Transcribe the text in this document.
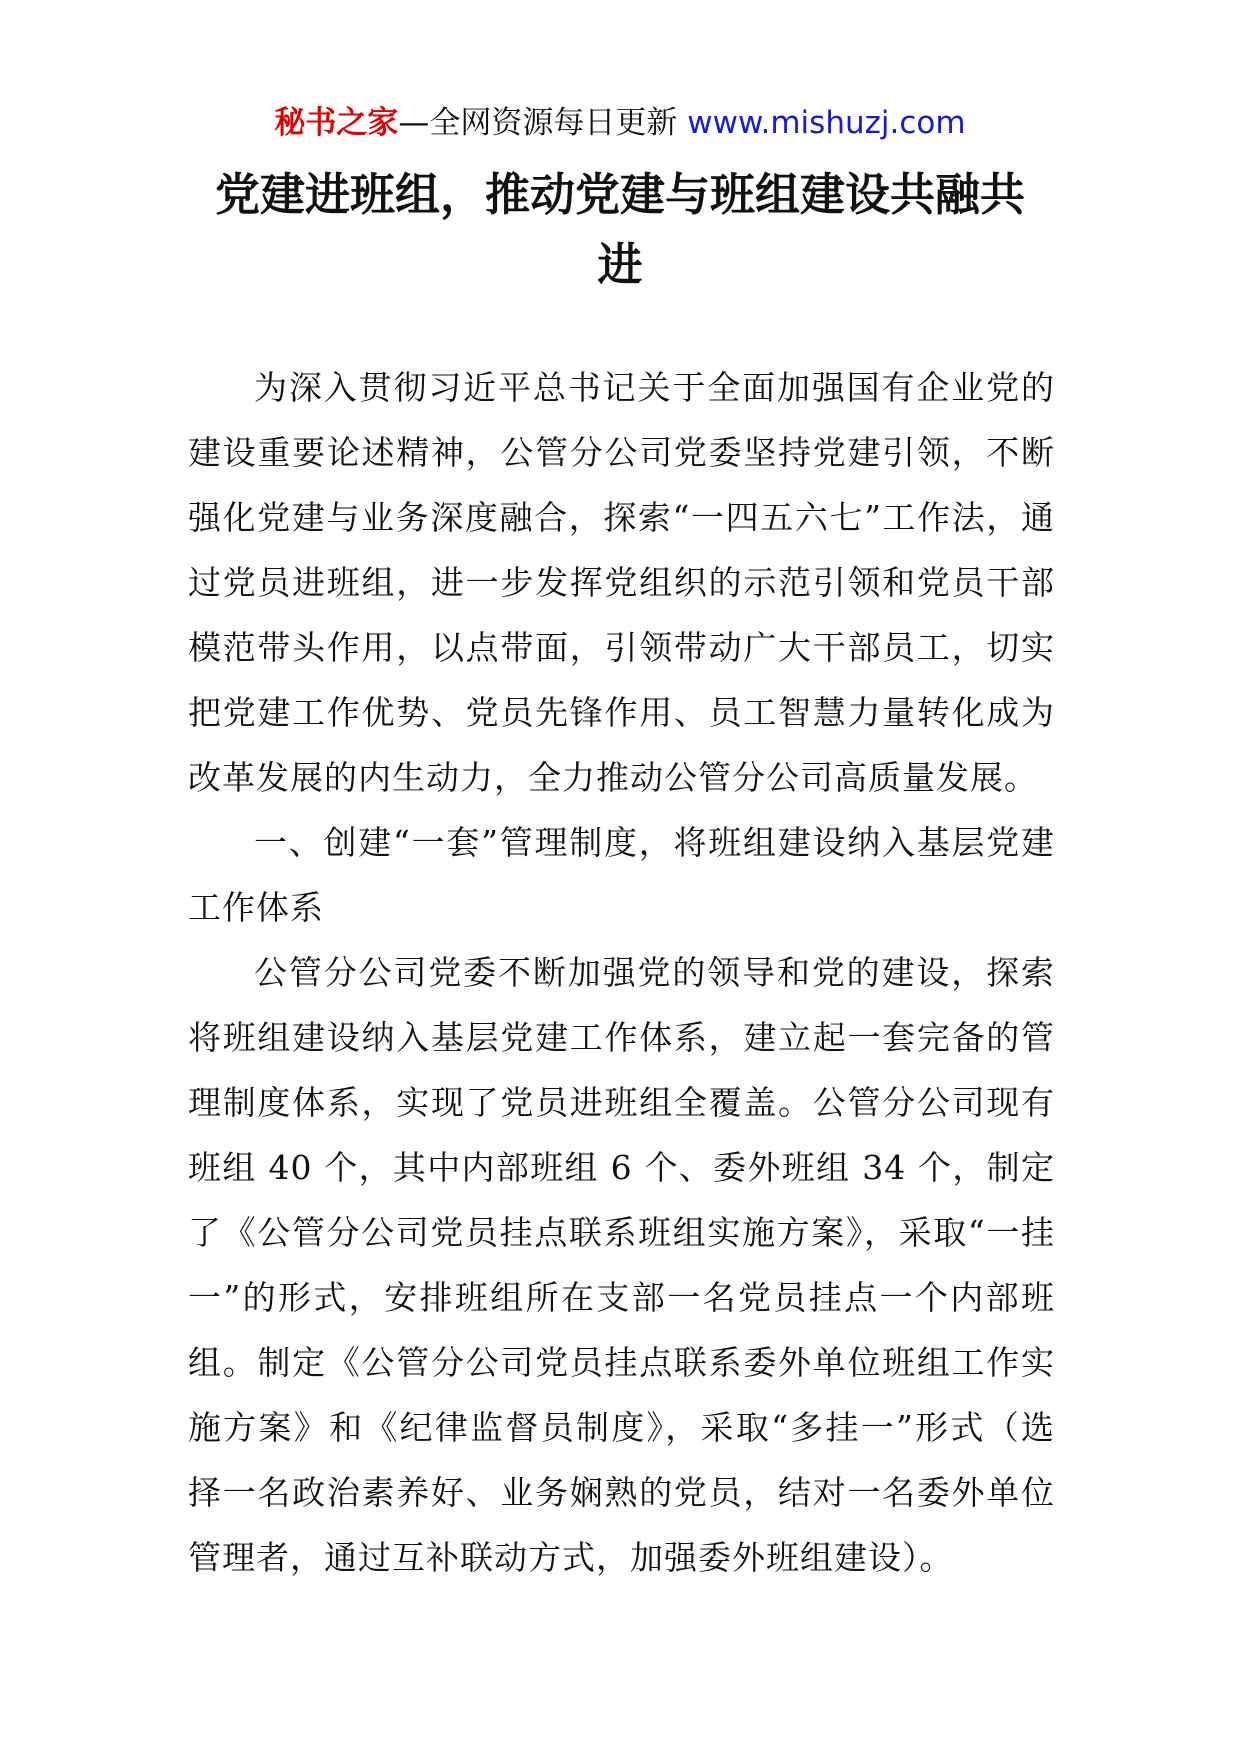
秘书之家—全网资源每日更新 www.mishuzj.com
党建进班组，推动党建与班组建设共融共进

为深入贯彻习近平总书记关于全面加强国有企业党的建设重要论述精神，公管分公司党委坚持党建引领，不断强化党建与业务深度融合，探索“一四五六七”工作法，通过党员进班组，进一步发挥党组织的示范引领和党员干部模范带头作用，以点带面，引领带动广大干部员工，切实把党建工作优势、党员先锋作用、员工智慧力量转化成为改革发展的内生动力，全力推动公管分公司高质量发展。

一、创建“一套”管理制度，将班组建设纳入基层党建工作体系

公管分公司党委不断加强党的领导和党的建设，探索将班组建设纳入基层党建工作体系，建立起一套完备的管理制度体系，实现了党员进班组全覆盖。公管分公司现有班组 40 个，其中内部班组 6 个、委外班组 34 个，制定了《公管分公司党员挂点联系班组实施方案》，采取“一挂一”的形式，安排班组所在支部一名党员挂点一个内部班组。制定《公管分公司党员挂点联系委外单位班组工作实施方案》和《纪律监督员制度》，采取“多挂一”形式（选择一名政治素养好、业务娴熟的党员，结对一名委外单位管理者，通过互补联动方式，加强委外班组建设）。
